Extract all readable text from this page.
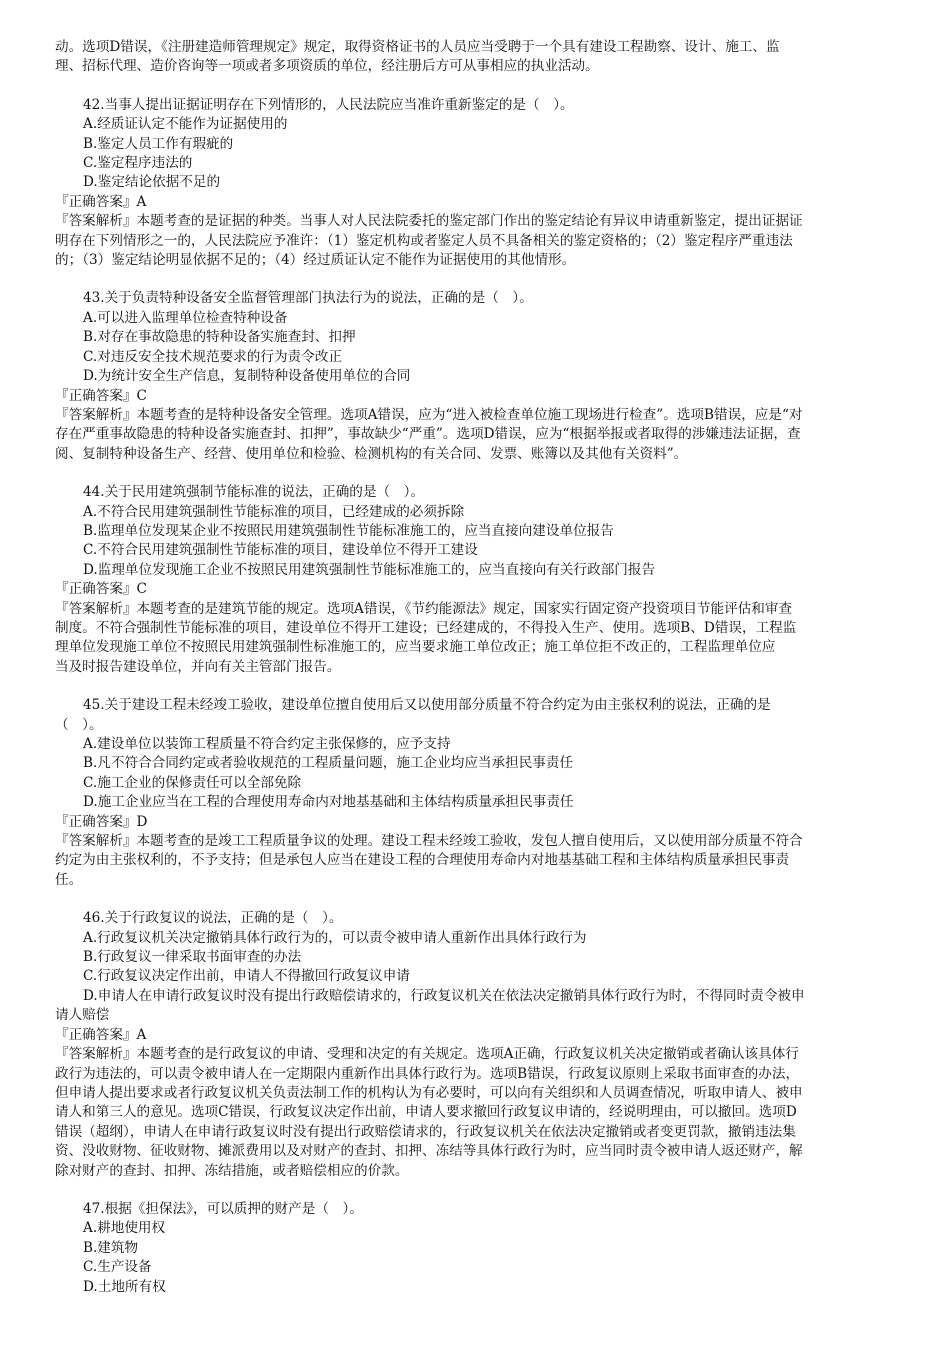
动。选项D错误，《注册建造师管理规定》规定，取得资格证书的人员应当受聘于一个具有建设工程勘察、设计、施工、监
理、招标代理、造价咨询等一项或者多项资质的单位，经注册后方可从事相应的执业活动。
42.当事人提出证据证明存在下列情形的，人民法院应当准许重新鉴定的是（　）。
A.经质证认定不能作为证据使用的
B.鉴定人员工作有瑕疵的
C.鉴定程序违法的
D.鉴定结论依据不足的
『正确答案』A
『答案解析』本题考查的是证据的种类。当事人对人民法院委托的鉴定部门作出的鉴定结论有异议申请重新鉴定，提出证据证
明存在下列情形之一的，人民法院应予准许：（1）鉴定机构或者鉴定人员不具备相关的鉴定资格的；（2）鉴定程序严重违法
的；（3）鉴定结论明显依据不足的；（4）经过质证认定不能作为证据使用的其他情形。
43.关于负责特种设备安全监督管理部门执法行为的说法，正确的是（　）。
A.可以进入监理单位检查特种设备
B.对存在事故隐患的特种设备实施查封、扣押
C.对违反安全技术规范要求的行为责令改正
D.为统计安全生产信息，复制特种设备使用单位的合同
『正确答案』C
『答案解析』本题考查的是特种设备安全管理。选项A错误，应为“进入被检查单位施工现场进行检查”。选项B错误，应是“对
存在严重事故隐患的特种设备实施查封、扣押”，事故缺少“严重”。选项D错误，应为“根据举报或者取得的涉嫌违法证据，查
阅、复制特种设备生产、经营、使用单位和检验、检测机构的有关合同、发票、账簿以及其他有关资料”。
44.关于民用建筑强制节能标准的说法，正确的是（　）。
A.不符合民用建筑强制性节能标准的项目，已经建成的必须拆除
B.监理单位发现某企业不按照民用建筑强制性节能标准施工的，应当直接向建设单位报告
C.不符合民用建筑强制性节能标准的项目，建设单位不得开工建设
D.监理单位发现施工企业不按照民用建筑强制性节能标准施工的，应当直接向有关行政部门报告
『正确答案』C
『答案解析』本题考查的是建筑节能的规定。选项A错误，《节约能源法》规定，国家实行固定资产投资项目节能评估和审查
制度。不符合强制性节能标准的项目，建设单位不得开工建设；已经建成的，不得投入生产、使用。选项B、D错误，工程监
理单位发现施工单位不按照民用建筑强制性标准施工的，应当要求施工单位改正；施工单位拒不改正的，工程监理单位应
当及时报告建设单位，并向有关主管部门报告。
45.关于建设工程未经竣工验收，建设单位擅自使用后又以使用部分质量不符合约定为由主张权利的说法，正确的是
（　）。
A.建设单位以装饰工程质量不符合约定主张保修的，应予支持
B.凡不符合合同约定或者验收规范的工程质量问题，施工企业均应当承担民事责任
C.施工企业的保修责任可以全部免除
D.施工企业应当在工程的合理使用寿命内对地基基础和主体结构质量承担民事责任
『正确答案』D
『答案解析』本题考查的是竣工工程质量争议的处理。建设工程未经竣工验收，发包人擅自使用后，又以使用部分质量不符合
约定为由主张权利的，不予支持；但是承包人应当在建设工程的合理使用寿命内对地基基础工程和主体结构质量承担民事责
任。
46.关于行政复议的说法，正确的是（　）。
A.行政复议机关决定撤销具体行政行为的，可以责令被申请人重新作出具体行政行为
B.行政复议一律采取书面审查的办法
C.行政复议决定作出前，申请人不得撤回行政复议申请
D.申请人在申请行政复议时没有提出行政赔偿请求的，行政复议机关在依法决定撤销具体行政行为时，不得同时责令被申
请人赔偿
『正确答案』A
『答案解析』本题考查的是行政复议的申请、受理和决定的有关规定。选项A正确，行政复议机关决定撤销或者确认该具体行
政行为违法的，可以责令被申请人在一定期限内重新作出具体行政行为。选项B错误，行政复议原则上采取书面审查的办法，
但申请人提出要求或者行政复议机关负责法制工作的机构认为有必要时，可以向有关组织和人员调查情况，听取申请人、被申
请人和第三人的意见。选项C错误，行政复议决定作出前，申请人要求撤回行政复议申请的，经说明理由，可以撤回。选项D
错误（超纲），申请人在申请行政复议时没有提出行政赔偿请求的，行政复议机关在依法决定撤销或者变更罚款，撤销违法集
资、没收财物、征收财物、摊派费用以及对财产的查封、扣押、冻结等具体行政行为时，应当同时责令被申请人返还财产，解
除对财产的查封、扣押、冻结措施，或者赔偿相应的价款。
47.根据《担保法》，可以质押的财产是（　）。
A.耕地使用权
B.建筑物
C.生产设备
D.土地所有权
